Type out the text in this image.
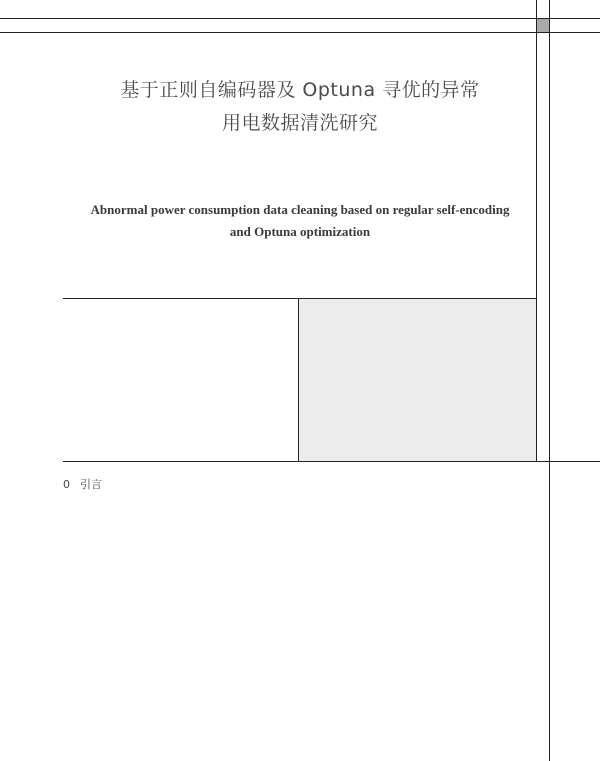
基于正则自编码器及 Optuna 寻优的异常
用电数据清洗研究
Abnormal power consumption data cleaning based on regular self-encoding
and Optuna optimization
0 引言
